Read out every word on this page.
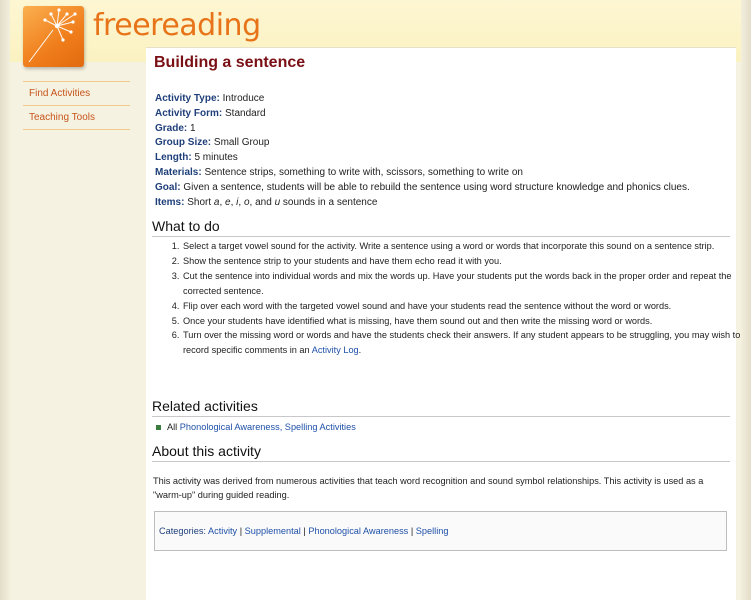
freereading
Find Activities
Teaching Tools
Building a sentence
Activity Type: Introduce
Activity Form: Standard
Grade: 1
Group Size: Small Group
Length: 5 minutes
Materials: Sentence strips, something to write with, scissors, something to write on
Goal: Given a sentence, students will be able to rebuild the sentence using word structure knowledge and phonics clues.
Items: Short a, e, i, o, and u sounds in a sentence
What to do
1. Select a target vowel sound for the activity. Write a sentence using a word or words that incorporate this sound on a sentence strip.
2. Show the sentence strip to your students and have them echo read it with you.
3. Cut the sentence into individual words and mix the words up. Have your students put the words back in the proper order and repeat the corrected sentence.
4. Flip over each word with the targeted vowel sound and have your students read the sentence without the word or words.
5. Once your students have identified what is missing, have them sound out and then write the missing word or words.
6. Turn over the missing word or words and have the students check their answers. If any student appears to be struggling, you may wish to record specific comments in an Activity Log.
Related activities
All Phonological Awareness, Spelling Activities
About this activity
This activity was derived from numerous activities that teach word recognition and sound symbol relationships. This activity is used as a "warm-up" during guided reading.
Categories: Activity | Supplemental | Phonological Awareness | Spelling
